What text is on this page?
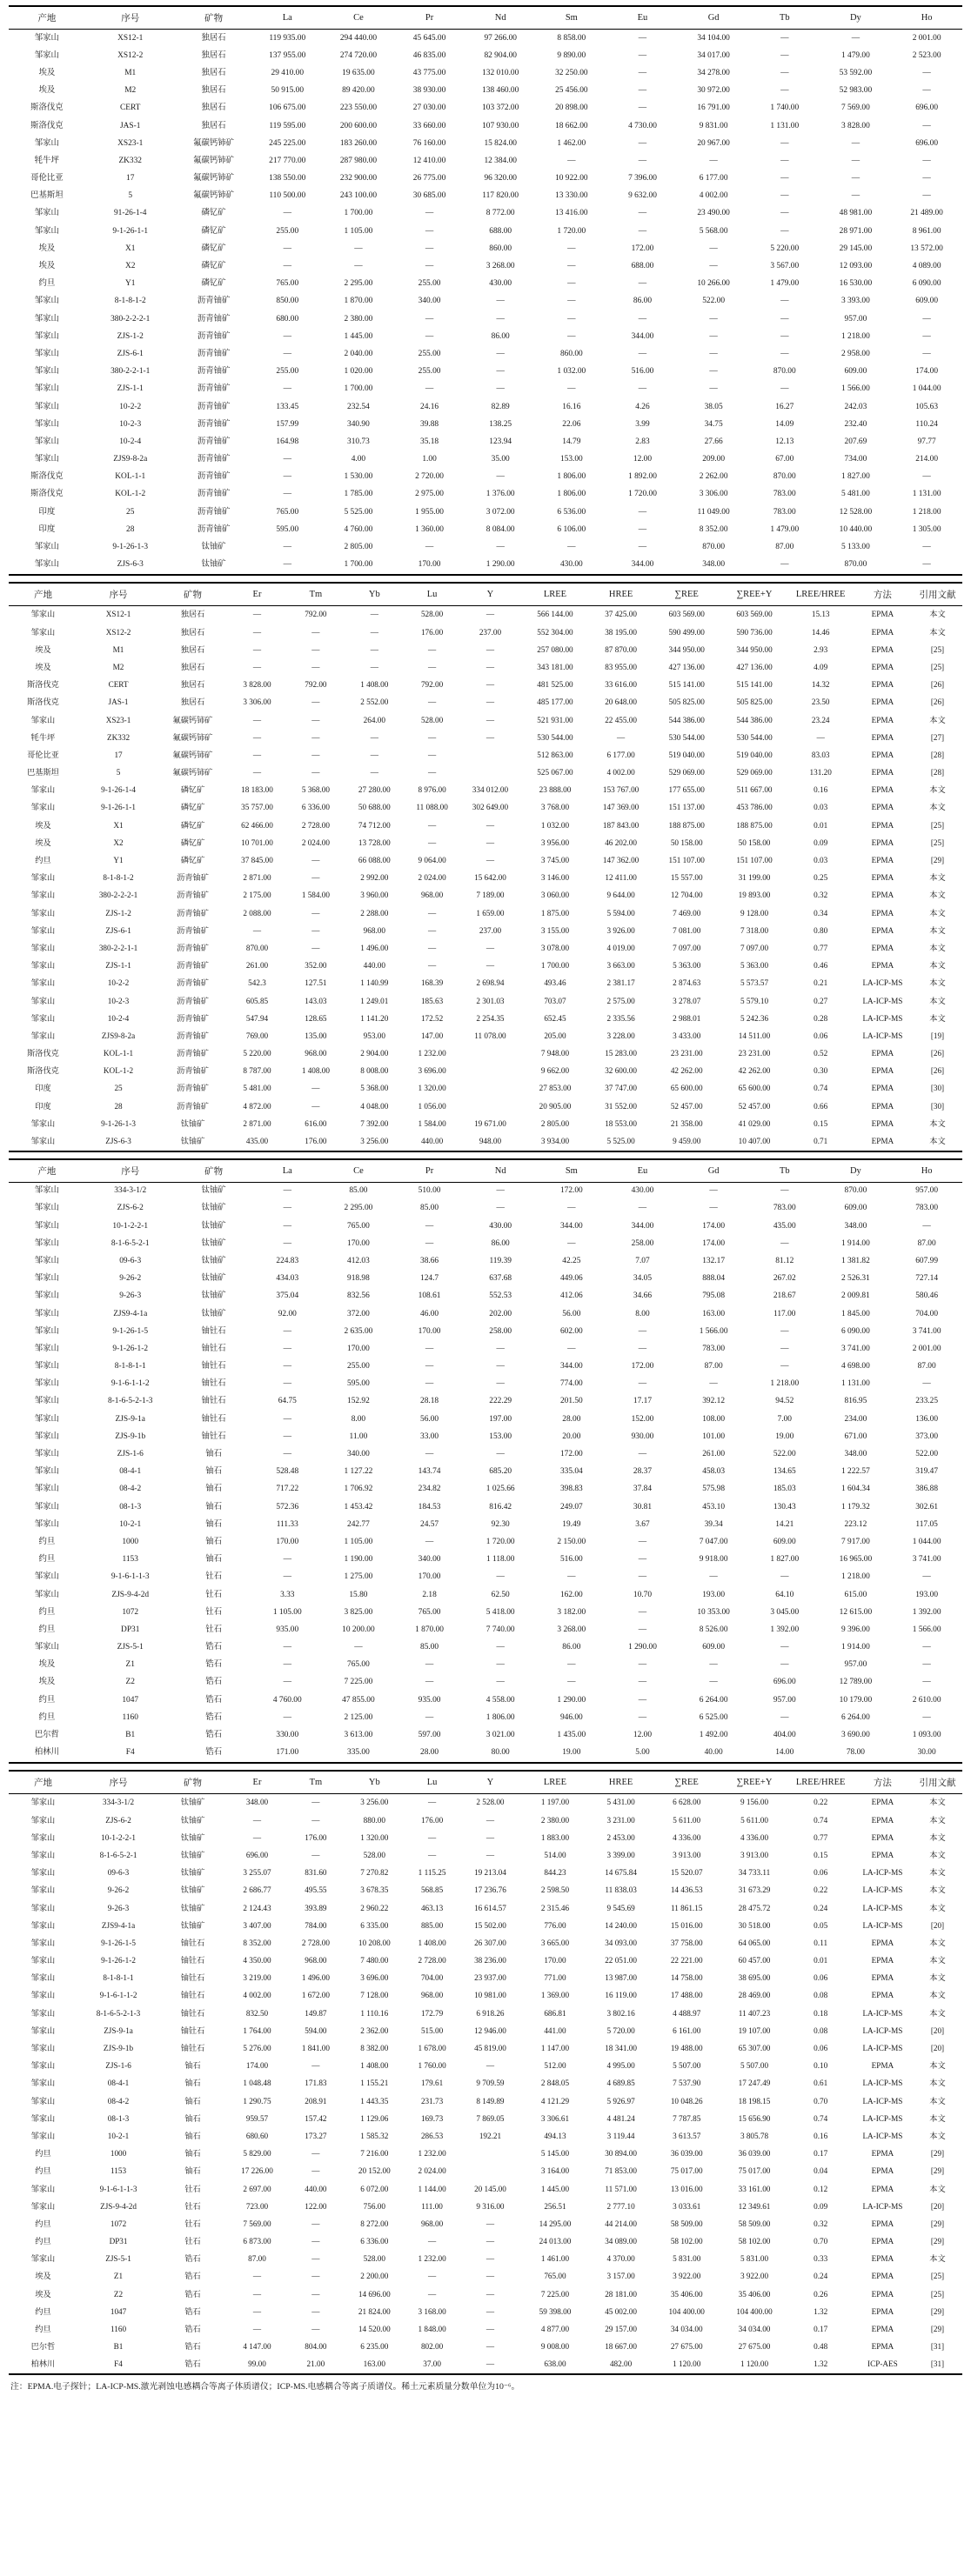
产地	序号	矿物	La	Ce	Pr	Nd	Sm	Eu	Gd	Tb	Dy	Ho
邹家山	XS12-1	独居石	119 935.00	294 440.00	45 645.00	97 266.00	8 858.00	—	34 104.00	—	—	2 001.00
邹家山	XS12-2	独居石	137 955.00	274 720.00	46 835.00	82 904.00	9 890.00	—	34 017.00	—	1 479.00	2 523.00
埃及	M1	独居石	29 410.00	19 635.00	43 775.00	132 010.00	32 250.00	—	34 278.00	—	53 592.00	—
埃及	M2	独居石	50 915.00	89 420.00	38 930.00	138 460.00	25 456.00	—	30 972.00	—	52 983.00	—
斯洛伐克	CERT	独居石	106 675.00	223 550.00	27 030.00	103 372.00	20 898.00	—	16 791.00	1 740.00	7 569.00	696.00
斯洛伐克	JAS-1	独居石	119 595.00	200 600.00	33 660.00	107 930.00	18 662.00	4 730.00	9 831.00	1 131.00	3 828.00	—
邹家山	XS23-1	氟碳钙铈矿	245 225.00	183 260.00	76 160.00	15 824.00	1 462.00	—	20 967.00	—	—	696.00
牦牛坪	ZK332	氟碳钙铈矿	217 770.00	287 980.00	12 410.00	12 384.00	—	—	—	—	—	—
哥伦比亚	17	氟碳钙铈矿	138 550.00	232 900.00	26 775.00	96 320.00	10 922.00	7 396.00	6 177.00	—	—	—
巴基斯坦	5	氟碳钙铈矿	110 500.00	243 100.00	30 685.00	117 820.00	13 330.00	9 632.00	4 002.00	—	—	—
邹家山	91-26-1-4	磷钇矿	—	1 700.00	—	8 772.00	13 416.00	—	23 490.00	—	48 981.00	21 489.00
邹家山	9-1-26-1-1	磷钇矿	255.00	1 105.00	—	688.00	1 720.00	—	5 568.00	—	28 971.00	8 961.00
埃及	X1	磷钇矿	—	—	—	860.00	—	172.00	—	5 220.00	29 145.00	13 572.00
埃及	X2	磷钇矿	—	—	—	3 268.00	—	688.00	—	3 567.00	12 093.00	4 089.00
约旦	Y1	磷钇矿	765.00	2 295.00	255.00	430.00	—	—	10 266.00	1 479.00	16 530.00	6 090.00
邹家山	8-1-8-1-2	沥青铀矿	850.00	1 870.00	340.00	—	—	86.00	522.00	—	3 393.00	609.00
邹家山	380-2-2-2-1	沥青铀矿	680.00	2 380.00	—	—	—	—	—	—	957.00	—
邹家山	ZJS-1-2	沥青铀矿	—	1 445.00	—	86.00	—	344.00	—	—	1 218.00	—
邹家山	ZJS-6-1	沥青铀矿	—	2 040.00	255.00	—	860.00	—	—	—	2 958.00	—
邹家山	380-2-2-1-1	沥青铀矿	255.00	1 020.00	255.00	—	1 032.00	516.00	—	870.00	609.00	174.00
邹家山	ZJS-1-1	沥青铀矿	—	1 700.00	—	—	—	—	—	—	1 566.00	1 044.00
邹家山	10-2-2	沥青铀矿	133.45	232.54	24.16	82.89	16.16	4.26	38.05	16.27	242.03	105.63
邹家山	10-2-3	沥青铀矿	157.99	340.90	39.88	138.25	22.06	3.99	34.75	14.09	232.40	110.24
邹家山	10-2-4	沥青铀矿	164.98	310.73	35.18	123.94	14.79	2.83	27.66	12.13	207.69	97.77
邹家山	ZJS9-8-2a	沥青铀矿	—	4.00	1.00	35.00	153.00	12.00	209.00	67.00	734.00	214.00
斯洛伐克	KOL-1-1	沥青铀矿	—	1 530.00	2 720.00	—	1 806.00	1 892.00	2 262.00	870.00	1 827.00	—
斯洛伐克	KOL-1-2	沥青铀矿	—	1 785.00	2 975.00	1 376.00	1 806.00	1 720.00	3 306.00	783.00	5 481.00	1 131.00
印度	25	沥青铀矿	765.00	5 525.00	1 955.00	3 072.00	6 536.00	—	11 049.00	783.00	12 528.00	1 218.00
印度	28	沥青铀矿	595.00	4 760.00	1 360.00	8 084.00	6 106.00	—	8 352.00	1 479.00	10 440.00	1 305.00
邹家山	9-1-26-1-3	钛铀矿	—	2 805.00	—	—	—	—	870.00	87.00	5 133.00	—
邹家山	ZJS-6-3	钛铀矿	—	1 700.00	170.00	1 290.00	430.00	344.00	348.00	—	870.00	—
产地	序号	矿物	Er	Tm	Yb	Lu	Y	LREE	HREE	∑REE	∑REE+Y	LREE/HREE	方法	引用文献
邹家山	XS12-1	独居石	—	792.00	—	528.00	—	566 144.00	37 425.00	603 569.00	603 569.00	15.13	EPMA	本文
邹家山	XS12-2	独居石	—	—	—	176.00	237.00	552 304.00	38 195.00	590 499.00	590 736.00	14.46	EPMA	本文
埃及	M1	独居石	—	—	—	—	—	257 080.00	87 870.00	344 950.00	344 950.00	2.93	EPMA	[25]
埃及	M2	独居石	—	—	—	—	—	343 181.00	83 955.00	427 136.00	427 136.00	4.09	EPMA	[25]
斯洛伐克	CERT	独居石	3 828.00	792.00	1 408.00	792.00	—	481 525.00	33 616.00	515 141.00	515 141.00	14.32	EPMA	[26]
斯洛伐克	JAS-1	独居石	3 306.00	—	2 552.00	—	—	485 177.00	20 648.00	505 825.00	505 825.00	23.50	EPMA	[26]
邹家山	XS23-1	氟碳钙铈矿	—	—	264.00	528.00	—	521 931.00	22 455.00	544 386.00	544 386.00	23.24	EPMA	本文
牦牛坪	ZK332	氟碳钙铈矿	—	—	—	—	—	530 544.00	—	530 544.00	530 544.00	—	EPMA	[27]
哥伦比亚	17	氟碳钙铈矿	—	—	—	—		512 863.00	6 177.00	519 040.00	519 040.00	83.03	EPMA	[28]
巴基斯坦	5	氟碳钙铈矿	—	—	—	—		525 067.00	4 002.00	529 069.00	529 069.00	131.20	EPMA	[28]
邹家山	9-1-26-1-4	磷钇矿	18 183.00	5 368.00	27 280.00	8 976.00	334 012.00	23 888.00	153 767.00	177 655.00	511 667.00	0.16	EPMA	本文
邹家山	9-1-26-1-1	磷钇矿	35 757.00	6 336.00	50 688.00	11 088.00	302 649.00	3 768.00	147 369.00	151 137.00	453 786.00	0.03	EPMA	本文
埃及	X1	磷钇矿	62 466.00	2 728.00	74 712.00	—	—	1 032.00	187 843.00	188 875.00	188 875.00	0.01	EPMA	[25]
埃及	X2	磷钇矿	10 701.00	2 024.00	13 728.00	—	—	3 956.00	46 202.00	50 158.00	50 158.00	0.09	EPMA	[25]
约旦	Y1	磷钇矿	37 845.00	—	66 088.00	9 064.00	—	3 745.00	147 362.00	151 107.00	151 107.00	0.03	EPMA	[29]
邹家山	8-1-8-1-2	沥青铀矿	2 871.00	—	2 992.00	2 024.00	15 642.00	3 146.00	12 411.00	15 557.00	31 199.00	0.25	EPMA	本文
邹家山	380-2-2-2-1	沥青铀矿	2 175.00	1 584.00	3 960.00	968.00	7 189.00	3 060.00	9 644.00	12 704.00	19 893.00	0.32	EPMA	本文
邹家山	ZJS-1-2	沥青铀矿	2 088.00	—	2 288.00	—	1 659.00	1 875.00	5 594.00	7 469.00	9 128.00	0.34	EPMA	本文
邹家山	ZJS-6-1	沥青铀矿	—	—	968.00	—	237.00	3 155.00	3 926.00	7 081.00	7 318.00	0.80	EPMA	本文
邹家山	380-2-2-1-1	沥青铀矿	870.00	—	1 496.00	—	—	3 078.00	4 019.00	7 097.00	7 097.00	0.77	EPMA	本文
邹家山	ZJS-1-1	沥青铀矿	261.00	352.00	440.00	—	—	1 700.00	3 663.00	5 363.00	5 363.00	0.46	EPMA	本文
邹家山	10-2-2	沥青铀矿	542.3	127.51	1 140.99	168.39	2 698.94	493.46	2 381.17	2 874.63	5 573.57	0.21	LA-ICP-MS	本文
邹家山	10-2-3	沥青铀矿	605.85	143.03	1 249.01	185.63	2 301.03	703.07	2 575.00	3 278.07	5 579.10	0.27	LA-ICP-MS	本文
邹家山	10-2-4	沥青铀矿	547.94	128.65	1 141.20	172.52	2 254.35	652.45	2 335.56	2 988.01	5 242.36	0.28	LA-ICP-MS	本文
邹家山	ZJS9-8-2a	沥青铀矿	769.00	135.00	953.00	147.00	11 078.00	205.00	3 228.00	3 433.00	14 511.00	0.06	LA-ICP-MS	[19]
斯洛伐克	KOL-1-1	沥青铀矿	5 220.00	968.00	2 904.00	1 232.00		7 948.00	15 283.00	23 231.00	23 231.00	0.52	EPMA	[26]
斯洛伐克	KOL-1-2	沥青铀矿	8 787.00	1 408.00	8 008.00	3 696.00		9 662.00	32 600.00	42 262.00	42 262.00	0.30	EPMA	[26]
印度	25	沥青铀矿	5 481.00	—	5 368.00	1 320.00		27 853.00	37 747.00	65 600.00	65 600.00	0.74	EPMA	[30]
印度	28	沥青铀矿	4 872.00	—	4 048.00	1 056.00		20 905.00	31 552.00	52 457.00	52 457.00	0.66	EPMA	[30]
邹家山	9-1-26-1-3	钛铀矿	2 871.00	616.00	7 392.00	1 584.00	19 671.00	2 805.00	18 553.00	21 358.00	41 029.00	0.15	EPMA	本文
邹家山	ZJS-6-3	钛铀矿	435.00	176.00	3 256.00	440.00	948.00	3 934.00	5 525.00	9 459.00	10 407.00	0.71	EPMA	本文
产地	序号	矿物	La	Ce	Pr	Nd	Sm	Eu	Gd	Tb	Dy	Ho
邹家山	334-3-1/2	钛铀矿	—	85.00	510.00	—	172.00	430.00	—	—	870.00	957.00
邹家山	ZJS-6-2	钛铀矿	—	2 295.00	85.00	—	—	—	—	783.00	609.00	783.00
邹家山	10-1-2-2-1	钛铀矿	—	765.00	—	430.00	344.00	344.00	174.00	435.00	348.00	—
邹家山	8-1-6-5-2-1	钛铀矿	—	170.00	—	86.00	—	258.00	174.00	—	1 914.00	87.00
邹家山	09-6-3	钛铀矿	224.83	412.03	38.66	119.39	42.25	7.07	132.17	81.12	1 381.82	607.99
邹家山	9-26-2	钛铀矿	434.03	918.98	124.7	637.68	449.06	34.05	888.04	267.02	2 526.31	727.14
邹家山	9-26-3	钛铀矿	375.04	832.56	108.61	552.53	412.06	34.66	795.08	218.67	2 009.81	580.46
邹家山	ZJS9-4-1a	钛铀矿	92.00	372.00	46.00	202.00	56.00	8.00	163.00	117.00	1 845.00	704.00
邹家山	9-1-26-1-5	铀钍石	—	2 635.00	170.00	258.00	602.00	—	1 566.00	—	6 090.00	3 741.00
邹家山	9-1-26-1-2	铀钍石	—	170.00	—	—	—	—	783.00	—	3 741.00	2 001.00
邹家山	8-1-8-1-1	铀钍石	—	255.00	—	—	344.00	172.00	87.00	—	4 698.00	87.00
邹家山	9-1-6-1-1-2	铀钍石	—	595.00	—	—	774.00	—	—	1 218.00	1 131.00	—
邹家山	8-1-6-5-2-1-3	铀钍石	64.75	152.92	28.18	222.29	201.50	17.17	392.12	94.52	816.95	233.25
邹家山	ZJS-9-1a	铀钍石	—	8.00	56.00	197.00	28.00	152.00	108.00	7.00	234.00	136.00
邹家山	ZJS-9-1b	铀钍石	—	11.00	33.00	153.00	20.00	930.00	101.00	19.00	671.00	373.00
邹家山	ZJS-1-6	铀石	—	340.00	—	—	172.00	—	261.00	522.00	348.00	522.00
邹家山	08-4-1	铀石	528.48	1 127.22	143.74	685.20	335.04	28.37	458.03	134.65	1 222.57	319.47
邹家山	08-4-2	铀石	717.22	1 706.92	234.82	1 025.66	398.83	37.84	575.98	185.03	1 604.34	386.88
邹家山	08-1-3	铀石	572.36	1 453.42	184.53	816.42	249.07	30.81	453.10	130.43	1 179.32	302.61
邹家山	10-2-1	铀石	111.33	242.77	24.57	92.30	19.49	3.67	39.34	14.21	223.12	117.05
约旦	1000	铀石	170.00	1 105.00	—	1 720.00	2 150.00	—	7 047.00	609.00	7 917.00	1 044.00
约旦	1153	铀石	—	1 190.00	340.00	1 118.00	516.00	—	9 918.00	1 827.00	16 965.00	3 741.00
邹家山	9-1-6-1-1-3	钍石	—	1 275.00	170.00	—	—	—	—	—	1 218.00	—
邹家山	ZJS-9-4-2d	钍石	3.33	15.80	2.18	62.50	162.00	10.70	193.00	64.10	615.00	193.00
约旦	1072	钍石	1 105.00	3 825.00	765.00	5 418.00	3 182.00	—	10 353.00	3 045.00	12 615.00	1 392.00
约旦	DP31	钍石	935.00	10 200.00	1 870.00	7 740.00	3 268.00	—	8 526.00	1 392.00	9 396.00	1 566.00
邹家山	ZJS-5-1	锆石	—	—	85.00	—	86.00	1 290.00	609.00	—	1 914.00	—
埃及	Z1	锆石	—	765.00	—	—	—	—	—	—	957.00	—
埃及	Z2	锆石	—	7 225.00	—	—	—	—	—	696.00	12 789.00	—
约旦	1047	锆石	4 760.00	47 855.00	935.00	4 558.00	1 290.00	—	6 264.00	957.00	10 179.00	2 610.00
约旦	1160	锆石	—	2 125.00	—	1 806.00	946.00	—	6 525.00	—	6 264.00	—
巴尔哲	B1	锆石	330.00	3 613.00	597.00	3 021.00	1 435.00	12.00	1 492.00	404.00	3 690.00	1 093.00
柏林川	F4	锆石	171.00	335.00	28.00	80.00	19.00	5.00	40.00	14.00	78.00	30.00
产地	序号	矿物	Er	Tm	Yb	Lu	Y	LREE	HREE	∑REE	∑REE+Y	LREE/HREE	方法	引用文献
邹家山	334-3-1/2	钛铀矿	348.00	—	3 256.00	—	2 528.00	1 197.00	5 431.00	6 628.00	9 156.00	0.22	EPMA	本文
邹家山	ZJS-6-2	钛铀矿	—	—	880.00	176.00	—	2 380.00	3 231.00	5 611.00	5 611.00	0.74	EPMA	本文
邹家山	10-1-2-2-1	钛铀矿	—	176.00	1 320.00	—	—	1 883.00	2 453.00	4 336.00	4 336.00	0.77	EPMA	本文
邹家山	8-1-6-5-2-1	钛铀矿	696.00	—	528.00	—	—	514.00	3 399.00	3 913.00	3 913.00	0.15	EPMA	本文
邹家山	09-6-3	钛铀矿	3 255.07	831.60	7 270.82	1 115.25	19 213.04	844.23	14 675.84	15 520.07	34 733.11	0.06	LA-ICP-MS	本文
邹家山	9-26-2	钛铀矿	2 686.77	495.55	3 678.35	568.85	17 236.76	2 598.50	11 838.03	14 436.53	31 673.29	0.22	LA-ICP-MS	本文
邹家山	9-26-3	钛铀矿	2 124.43	393.89	2 960.22	463.13	16 614.57	2 315.46	9 545.69	11 861.15	28 475.72	0.24	LA-ICP-MS	本文
邹家山	ZJS9-4-1a	钛铀矿	3 407.00	784.00	6 335.00	885.00	15 502.00	776.00	14 240.00	15 016.00	30 518.00	0.05	LA-ICP-MS	[20]
邹家山	9-1-26-1-5	铀钍石	8 352.00	2 728.00	10 208.00	1 408.00	26 307.00	3 665.00	34 093.00	37 758.00	64 065.00	0.11	EPMA	本文
邹家山	9-1-26-1-2	铀钍石	4 350.00	968.00	7 480.00	2 728.00	38 236.00	170.00	22 051.00	22 221.00	60 457.00	0.01	EPMA	本文
邹家山	8-1-8-1-1	铀钍石	3 219.00	1 496.00	3 696.00	704.00	23 937.00	771.00	13 987.00	14 758.00	38 695.00	0.06	EPMA	本文
邹家山	9-1-6-1-1-2	铀钍石	4 002.00	1 672.00	7 128.00	968.00	10 981.00	1 369.00	16 119.00	17 488.00	28 469.00	0.08	EPMA	本文
邹家山	8-1-6-5-2-1-3	铀钍石	832.50	149.87	1 110.16	172.79	6 918.26	686.81	3 802.16	4 488.97	11 407.23	0.18	LA-ICP-MS	本文
邹家山	ZJS-9-1a	铀钍石	1 764.00	594.00	2 362.00	515.00	12 946.00	441.00	5 720.00	6 161.00	19 107.00	0.08	LA-ICP-MS	[20]
邹家山	ZJS-9-1b	铀钍石	5 276.00	1 841.00	8 382.00	1 678.00	45 819.00	1 147.00	18 341.00	19 488.00	65 307.00	0.06	LA-ICP-MS	[20]
邹家山	ZJS-1-6	铀石	174.00	—	1 408.00	1 760.00	—	512.00	4 995.00	5 507.00	5 507.00	0.10	EPMA	本文
邹家山	08-4-1	铀石	1 048.48	171.83	1 155.21	179.61	9 709.59	2 848.05	4 689.85	7 537.90	17 247.49	0.61	LA-ICP-MS	本文
邹家山	08-4-2	铀石	1 290.75	208.91	1 443.35	231.73	8 149.89	4 121.29	5 926.97	10 048.26	18 198.15	0.70	LA-ICP-MS	本文
邹家山	08-1-3	铀石	959.57	157.42	1 129.06	169.73	7 869.05	3 306.61	4 481.24	7 787.85	15 656.90	0.74	LA-ICP-MS	本文
邹家山	10-2-1	铀石	680.60	173.27	1 585.32	286.53	192.21	494.13	3 119.44	3 613.57	3 805.78	0.16	LA-ICP-MS	本文
约旦	1000	铀石	5 829.00	—	7 216.00	1 232.00		5 145.00	30 894.00	36 039.00	36 039.00	0.17	EPMA	[29]
约旦	1153	铀石	17 226.00	—	20 152.00	2 024.00		3 164.00	71 853.00	75 017.00	75 017.00	0.04	EPMA	[29]
邹家山	9-1-6-1-1-3	钍石	2 697.00	440.00	6 072.00	1 144.00	20 145.00	1 445.00	11 571.00	13 016.00	33 161.00	0.12	EPMA	本文
邹家山	ZJS-9-4-2d	钍石	723.00	122.00	756.00	111.00	9 316.00	256.51	2 777.10	3 033.61	12 349.61	0.09	LA-ICP-MS	[20]
约旦	1072	钍石	7 569.00	—	8 272.00	968.00	—	14 295.00	44 214.00	58 509.00	58 509.00	0.32	EPMA	[29]
约旦	DP31	钍石	6 873.00	—	6 336.00	—	—	24 013.00	34 089.00	58 102.00	58 102.00	0.70	EPMA	[29]
邹家山	ZJS-5-1	锆石	87.00	—	528.00	1 232.00	—	1 461.00	4 370.00	5 831.00	5 831.00	0.33	EPMA	本文
埃及	Z1	锆石	—	—	2 200.00	—	—	765.00	3 157.00	3 922.00	3 922.00	0.24	EPMA	[25]
埃及	Z2	锆石	—	—	14 696.00	—	—	7 225.00	28 181.00	35 406.00	35 406.00	0.26	EPMA	[25]
约旦	1047	锆石	—	—	21 824.00	3 168.00	—	59 398.00	45 002.00	104 400.00	104 400.00	1.32	EPMA	[29]
约旦	1160	锆石	—	—	14 520.00	1 848.00	—	4 877.00	29 157.00	34 034.00	34 034.00	0.17	EPMA	[29]
巴尔哲	B1	锆石	4 147.00	804.00	6 235.00	802.00	—	9 008.00	18 667.00	27 675.00	27 675.00	0.48	EPMA	[31]
柏林川	F4	锆石	99.00	21.00	163.00	37.00	—	638.00	482.00	1 120.00	1 120.00	1.32	ICP-AES	[31]
注：EPMA.电子探针；LA-ICP-MS.激光剥蚀电感耦合等离子体质谱仪；ICP-MS.电感耦合等离子质谱仪。稀土元素质量分数单位为10⁻⁶。
